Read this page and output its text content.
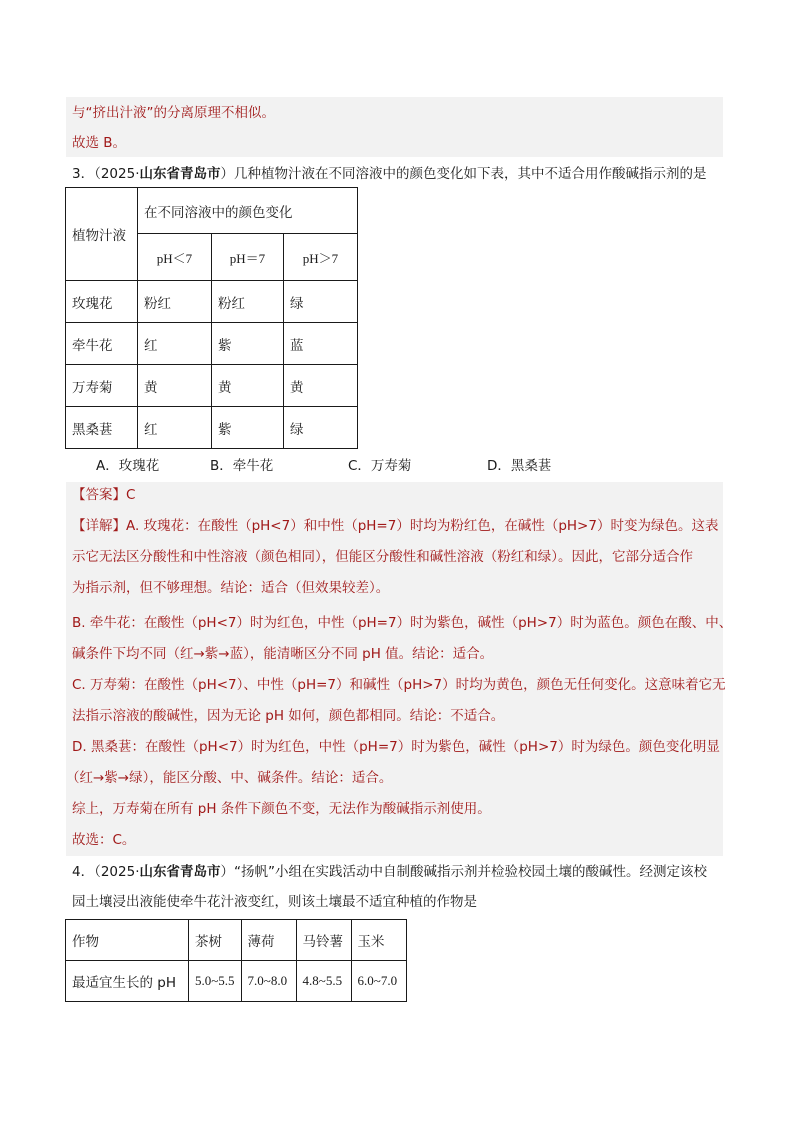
与“挤出汁液”的分离原理不相似。
故选 B。
3．（2025·山东省青岛市）几种植物汁液在不同溶液中的颜色变化如下表，其中不适合用作酸碱指示剂的是
植物汁液	在不同溶液中的颜色变化		
	pH＜7	pH＝7	pH＞7
玫瑰花	粉红	粉红	绿
牵牛花	红	紫	蓝
万寿菊	黄	黄	黄
黑桑葚	红	紫	绿
A．玫瑰花	B．牵牛花	C．万寿菊	D．黑桑葚
【答案】C
【详解】A. 玫瑰花：在酸性（pH<7）和中性（pH=7）时均为粉红色，在碱性（pH>7）时变为绿色。这表
示它无法区分酸性和中性溶液（颜色相同），但能区分酸性和碱性溶液（粉红和绿）。因此，它部分适合作
为指示剂，但不够理想。结论：适合（但效果较差）。
B. 牵牛花：在酸性（pH<7）时为红色，中性（pH=7）时为紫色，碱性（pH>7）时为蓝色。颜色在酸、中、
碱条件下均不同（红→紫→蓝），能清晰区分不同 pH 值。结论：适合。
C. 万寿菊：在酸性（pH<7）、中性（pH=7）和碱性（pH>7）时均为黄色，颜色无任何变化。这意味着它无
法指示溶液的酸碱性，因为无论 pH 如何，颜色都相同。结论：不适合。
D. 黑桑葚：在酸性（pH<7）时为红色，中性（pH=7）时为紫色，碱性（pH>7）时为绿色。颜色变化明显
（红→紫→绿），能区分酸、中、碱条件。结论：适合。
综上，万寿菊在所有 pH 条件下颜色不变，无法作为酸碱指示剂使用。
故选：C。
4．（2025·山东省青岛市）“扬帆”小组在实践活动中自制酸碱指示剂并检验校园土壤的酸碱性。经测定该校
园土壤浸出液能使牵牛花汁液变红，则该土壤最不适宜种植的作物是
作物	茶树	薄荷	马铃薯	玉米
最适宜生长的 pH	5.0~5.5	7.0~8.0	4.8~5.5	6.0~7.0
